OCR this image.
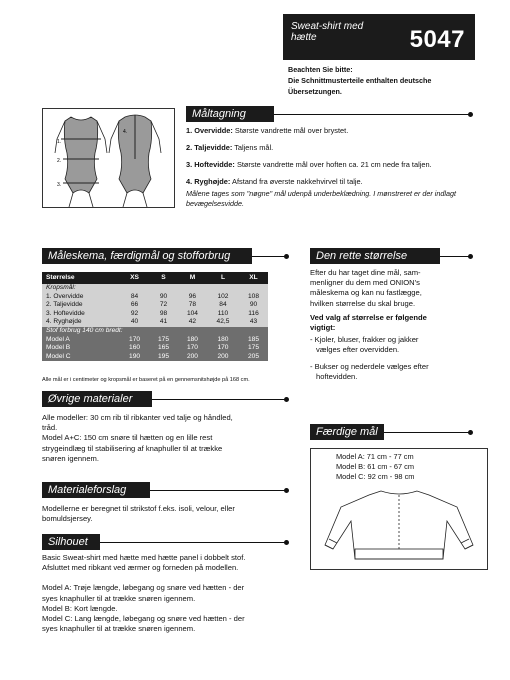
Sweat-shirt med hætte	5047
Beachten Sie bitte:
Die Schnittmusterteile enthalten deutsche
Übersetzungen.
Måltagning
1.
2.
3.
4.	1. Overvidde: Største vandrette mål over brystet.
2. Taljevidde: Taljens mål.
3. Hoftevidde: Største vandrette mål over hoften ca. 21 cm nede fra taljen.
4. Ryghøjde: Afstand fra øverste nakkehvirvel til talje.
Målene tages som "nøgne" mål udenpå underbeklædning. I mønstreret er der indlagt bevægelsesvidde.
Måleskema, færdigmål og stofforbrug
Størrelse	XS	S	M	L	XL
Kropsmål:					
1. Overvidde	84	90	96	102	108
2. Taljevidde	66	72	78	84	90
3. Hoftevidde	92	98	104	110	116
4. Ryghøjde	40	41	42	42,5	43
Stof forbrug 140 cm bredt:					
Model A	170	175	180	180	185
Model B	160	165	170	170	175
Model C	190	195	200	200	205
Alle mål er i centimeter og kropsmål er baseret på en gennemsnitshøjde på 168 cm.
Den rette størrelse
Efter du har taget dine mål, sam-
menligner du dem med ONION's
måleskema og kan nu fastlægge,
hvilken størrelse du skal bruge.
Ved valg af størrelse er følgende
vigtigt:
- Kjoler, bluser, frakker og jakker
vælges efter overvidden.
- Bukser og nederdele vælges efter
hoftevidden.
Færdige mål
Model A: 71 cm - 77 cm
Model B: 61 cm - 67 cm
Model C: 92 cm - 98 cm
Øvrige materialer
Alle modeller: 30 cm rib til ribkanter ved talje og håndled,
tråd.
Model A+C: 150 cm snøre til hætten og en lille rest
strygeindlæg til stabilisering af knaphuller til at trække
snøren igennem.
Materialeforslag
Modellerne er beregnet til strikstof f.eks. isoli, velour, eller
bomuldsjersey.
Silhouet
Basic Sweat-shirt med hætte med hætte panel i dobbelt stof.
Afsluttet med ribkant ved ærmer og forneden på modellen.
Model A: Trøje længde, løbegang og snøre ved hætten - der
syes knaphuller til at trække snøren igennem.
Model B: Kort længde.
Model C: Lang længde, løbegang og snøre ved hætten - der
syes knaphuller til at trække snøren igennem.
